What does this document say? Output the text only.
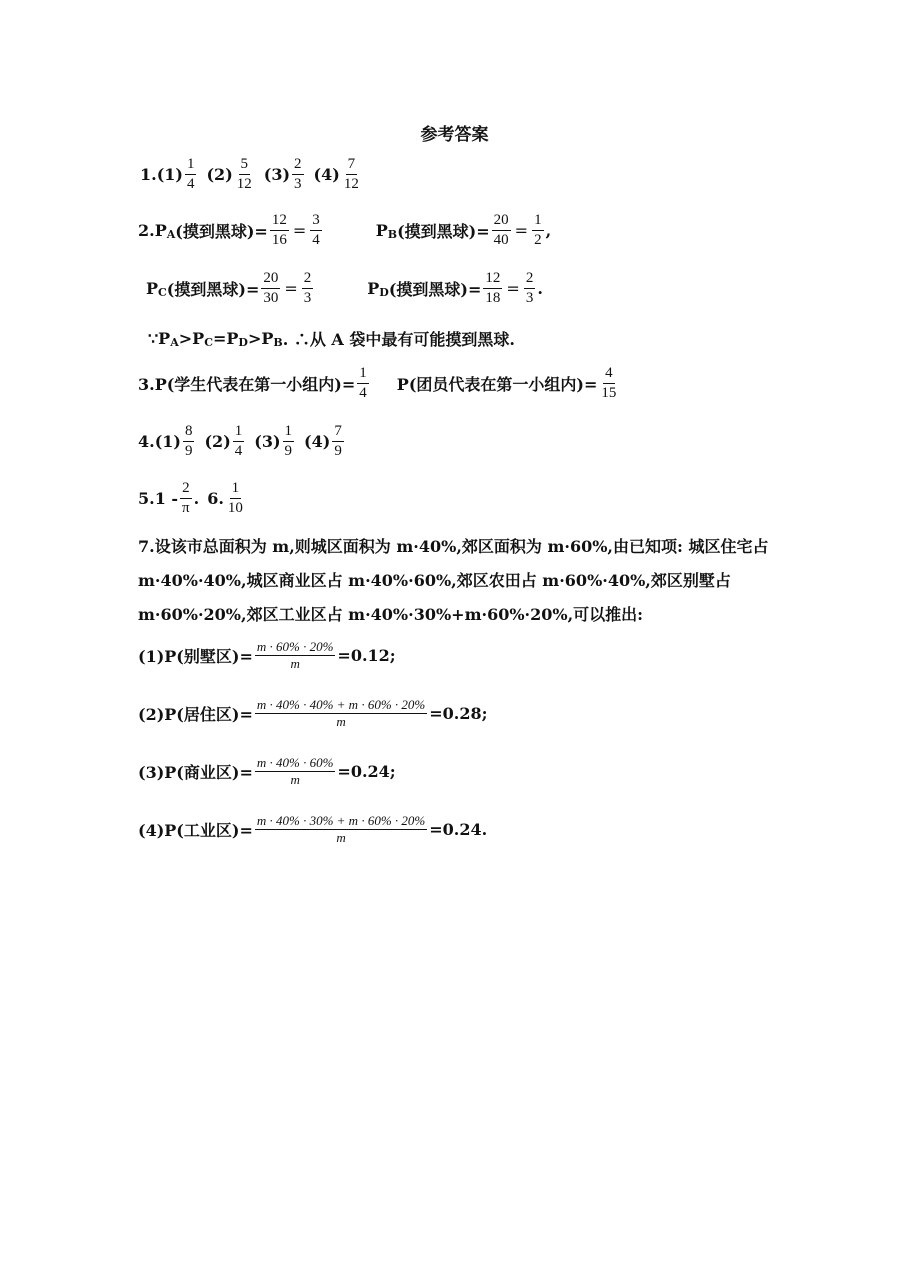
参考答案
$1.(1) \frac{1}{4} (2) \frac{5}{12} (3) \frac{2}{3} (4) \frac{7}{12}$
2.P A (摸到黑球)= $\frac{12}{16} = \frac{3}{4}$	P B (摸到黑球)= $\frac{20}{40} = \frac{1}{2}$ ,
P C (摸到黑球)= $\frac{20}{30} = \frac{2}{3}$	P D (摸到黑球)= $\frac{12}{18} = \frac{2}{3}$ .
∵P A >P C =P D >P B . ∴从 A 袋中最有可能摸到黑球.
3.P(学生代表在第一小组内)= $\frac{1}{4} P$(团员代表在第一小组内)= $\frac{4}{15}$
$4.(1) \frac{8}{9} (2) \frac{1}{4} (3) \frac{1}{9} (4) \frac{7}{9}$
$5.1 - \frac{2}{\pi}$ . 6. $\frac{1}{10}$
7.设该市总面积为 m,则城区面积为 m·40%,郊区面积为 m·60%,由已知项: 城区住宅占 m·40%·40%,城区商业区占 m·40%·60%,郊区农田占 m·60%·40%,郊区别墅占 m·60%·20%,郊区工业区占 m·40%·30%+m·60%·20%,可以推出:
(1)P(别墅区)= $\frac{m \cdot 60\% \cdot 20\%}{m} =0.12$;
(2)P(居住区)= $\frac{m \cdot 40\% \cdot 40\% + m \cdot 60\% \cdot 20\%}{m} =0.28$;
(3)P(商业区)= $\frac{m \cdot 40\% \cdot 60\%}{m} =0.24$;
(4)P(工业区)= $\frac{m \cdot 40\% \cdot 30\% + m \cdot 60\% \cdot 20\%}{m} =0.24$.
